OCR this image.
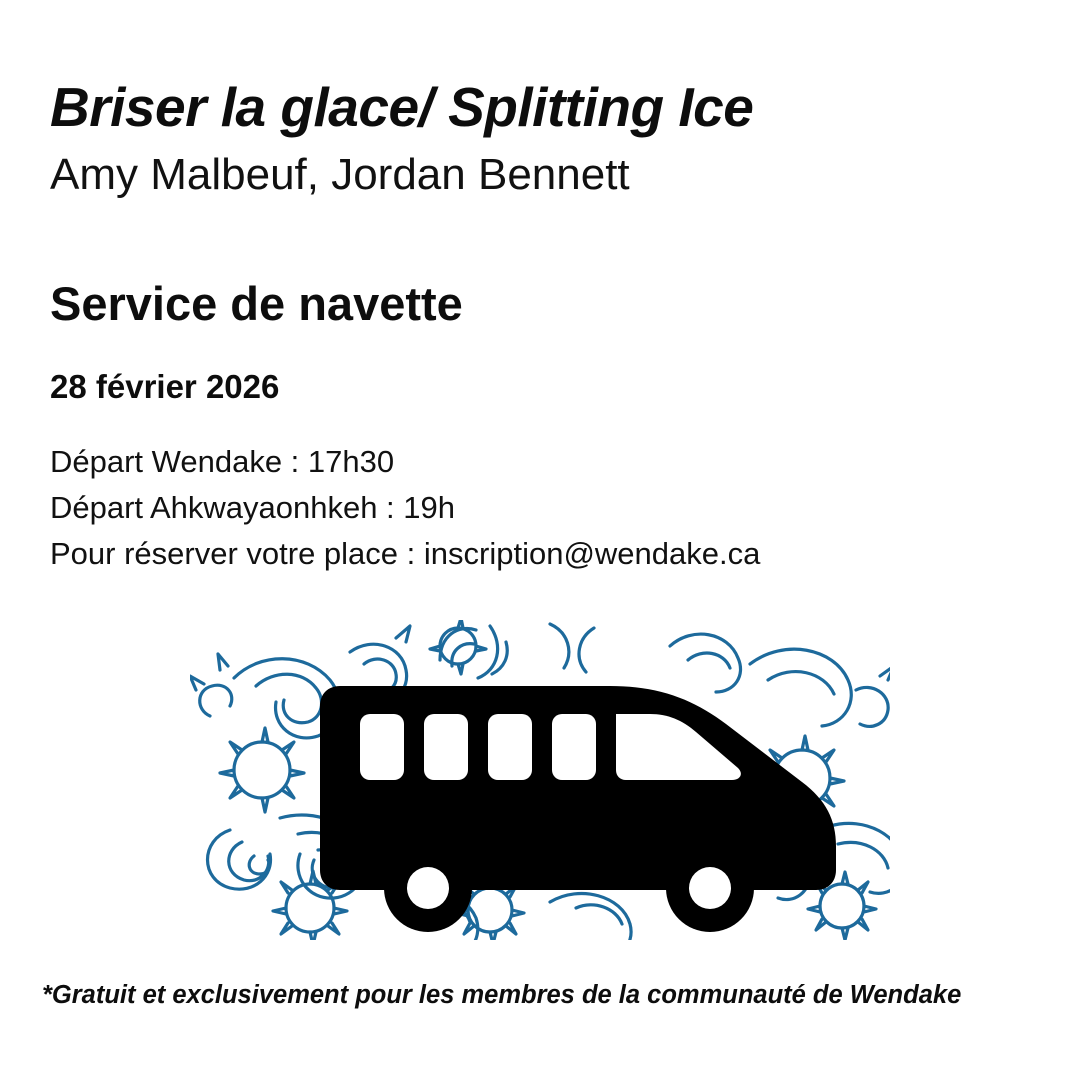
Briser la glace/ Splitting Ice
Amy Malbeuf, Jordan Bennett
Service de navette
28 février 2026
Départ Wendake : 17h30
Départ Ahkwayaonhkeh : 19h
Pour réserver votre place : inscription@wendake.ca
*Gratuit et exclusivement pour les membres de la communauté de Wendake
